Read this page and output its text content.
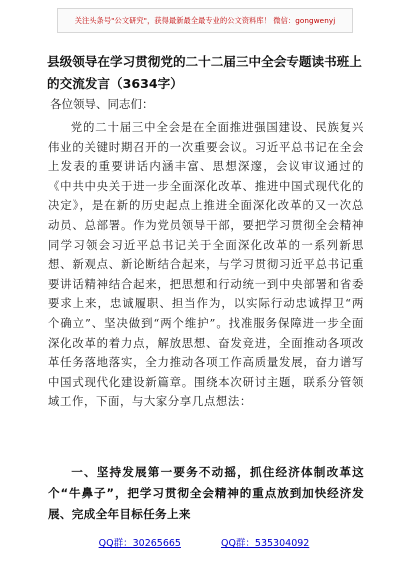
关注头条号"公文研究"，获得最新最全最专业的公文资料库！ 微信：gongwenyj
县级领导在学习贯彻党的二十二届三中全会专题读书班上的交流发言（3634字）
各位领导、同志们：

党的二十届三中全会是在全面推进强国建设、民族复兴伟业的关键时期召开的一次重要会议。习近平总书记在全会上发表的重要讲话内涵丰富、思想深邃，会议审议通过的《中共中央关于进一步全面深化改革、推进中国式现代化的决定》，是在新的历史起点上推进全面深化改革的又一次总动员、总部署。作为党员领导干部，要把学习贯彻全会精神同学习领会习近平总书记关于全面深化改革的一系列新思想、新观点、新论断结合起来，与学习贯彻习近平总书记重要讲话精神结合起来，把思想和行动统一到中央部署和省委要求上来，忠诚履职、担当作为，以实际行动忠诚捍卫“两个确立”、坚决做到“两个维护”。找准服务保障进一步全面深化改革的着力点，解放思想、奋发竞进，全面推动各项改革任务落地落实，全力推动各项工作高质量发展，奋力谱写中国式现代化建设新篇章。围绕本次研讨主题，联系分管领域工作，下面，与大家分享几点想法：

一、坚持发展第一要务不动摇，抓住经济体制改革这个“牛鼻子”，把学习贯彻全会精神的重点放到加快经济发展、完成全年目标任务上来
QQ群：30265665	QQ群：535304092
